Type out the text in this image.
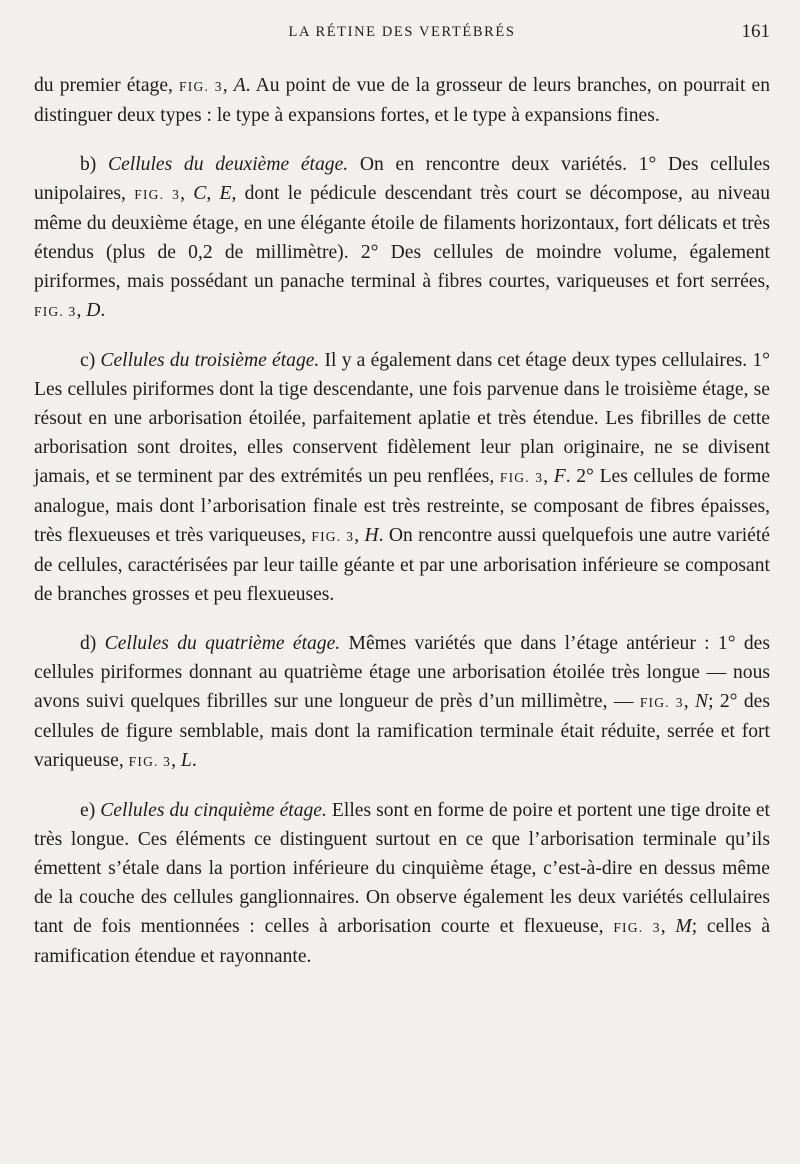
LA RÉTINE DES VERTÉBRÉS	161

du premier étage, FIG. 3, A. Au point de vue de la grosseur de leurs branches, on pourrait en distinguer deux types : le type à expansions fortes, et le type à expansions fines.

b) Cellules du deuxième étage. On en rencontre deux variétés. 1° Des cellules unipolaires, FIG. 3, C, E, dont le pédicule descendant très court se décompose, au niveau même du deuxième étage, en une élégante étoile de filaments horizontaux, fort délicats et très étendus (plus de 0,2 de millimètre). 2° Des cellules de moindre volume, également piriformes, mais possédant un panache terminal à fibres courtes, variqueuses et fort serrées, FIG. 3, D.

c) Cellules du troisième étage. Il y a également dans cet étage deux types cellulaires. 1° Les cellules piriformes dont la tige descendante, une fois parvenue dans le troisième étage, se résout en une arborisation étoilée, parfaitement aplatie et très étendue. Les fibrilles de cette arborisation sont droites, elles conservent fidèlement leur plan originaire, ne se divisent jamais, et se terminent par des extrémités un peu renflées, FIG. 3, F. 2° Les cellules de forme analogue, mais dont l’arborisation finale est très restreinte, se composant de fibres épaisses, très flexueuses et très variqueuses, FIG. 3, H. On rencontre aussi quelquefois une autre variété de cellules, caractérisées par leur taille géante et par une arborisation inférieure se composant de branches grosses et peu flexueuses.

d) Cellules du quatrième étage. Mêmes variétés que dans l’étage antérieur : 1° des cellules piriformes donnant au quatrième étage une arborisation étoilée très longue — nous avons suivi quelques fibrilles sur une longueur de près d’un millimètre, — FIG. 3, N; 2° des cellules de figure semblable, mais dont la ramification terminale était réduite, serrée et fort variqueuse, FIG. 3, L.

e) Cellules du cinquième étage. Elles sont en forme de poire et portent une tige droite et très longue. Ces éléments ce distinguent surtout en ce que l’arborisation terminale qu’ils émettent s’étale dans la portion inférieure du cinquième étage, c’est-à-dire en dessus même de la couche des cellules ganglionnaires. On observe également les deux variétés cellulaires tant de fois mentionnées : celles à arborisation courte et flexueuse, FIG. 3, M; celles à ramification étendue et rayonnante.
